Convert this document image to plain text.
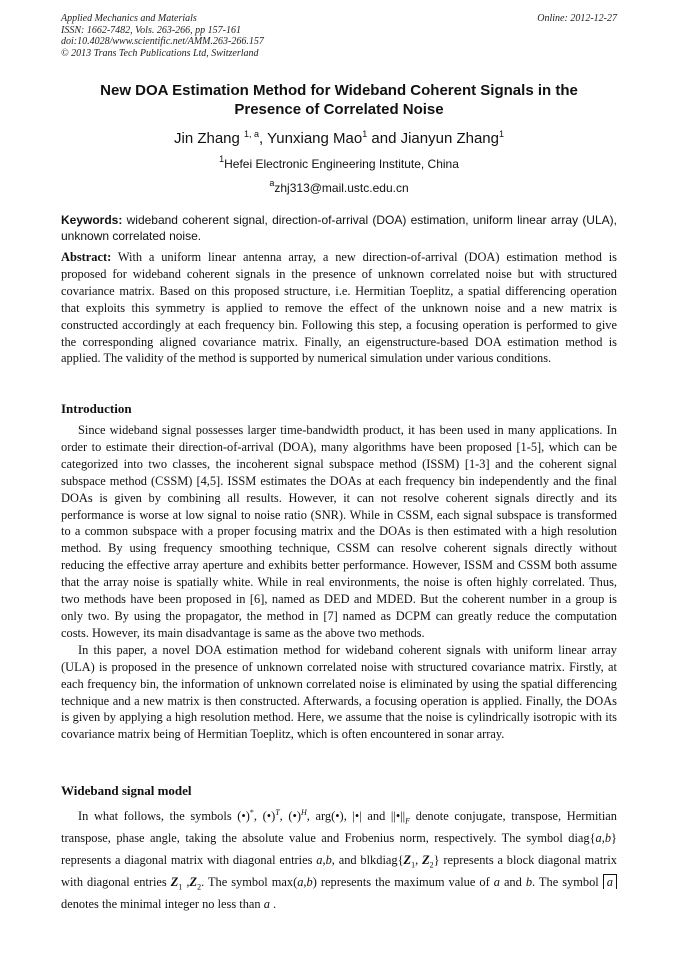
Applied Mechanics and Materials
ISSN: 1662-7482, Vols. 263-266, pp 157-161
doi:10.4028/www.scientific.net/AMM.263-266.157
© 2013 Trans Tech Publications Ltd, Switzerland
Online: 2012-12-27
New DOA Estimation Method for Wideband Coherent Signals in the
Presence of Correlated Noise
Jin Zhang $^{1, a}$, Yunxiang Mao$^1$ and Jianyun Zhang$^1$
$^1$Hefei Electronic Engineering Institute, China
$^a$zhj313@mail.ustc.edu.cn
Keywords: wideband coherent signal, direction-of-arrival (DOA) estimation, uniform linear array (ULA), unknown correlated noise.
Abstract: With a uniform linear antenna array, a new direction-of-arrival (DOA) estimation method is proposed for wideband coherent signals in the presence of unknown correlated noise but with structured covariance matrix. Based on this proposed structure, i.e. Hermitian Toeplitz, a spatial differencing operation that exploits this symmetry is applied to remove the effect of the unknown noise and a new matrix is constructed accordingly at each frequency bin. Following this step, a focusing operation is performed to give the corresponding aligned covariance matrix. Finally, an eigenstructure-based DOA estimation method is applied. The validity of the method is supported by numerical simulation under various conditions.
Introduction

Since wideband signal possesses larger time-bandwidth product, it has been used in many applications. In order to estimate their direction-of-arrival (DOA), many algorithms have been proposed [1-5], which can be categorized into two classes, the incoherent signal subspace method (ISSM) [1-3] and the coherent signal subspace method (CSSM) [4,5]. ISSM estimates the DOAs at each frequency bin independently and the final DOAs is given by combining all results. However, it can not resolve coherent signals directly and its performance is worse at low signal to noise ratio (SNR). While in CSSM, each signal subspace is transformed to a common subspace with a proper focusing matrix and the DOAs is then estimated with a high resolution method. By using frequency smoothing technique, CSSM can resolve coherent signals directly without reducing the effective array aperture and exhibits better performance. However, ISSM and CSSM both assume that the array noise is spatially white. While in real environments, the noise is often highly correlated. Thus, two methods have been proposed in [6], named as DED and MDED. But the coherent number in a group is only two. By using the propagator, the method in [7] named as DCPM can greatly reduce the computation costs. However, its main disadvantage is same as the above two methods.

In this paper, a novel DOA estimation method for wideband coherent signals with uniform linear array (ULA) is proposed in the presence of unknown correlated noise with structured covariance matrix. Firstly, at each frequency bin, the information of unknown correlated noise is eliminated by using the spatial differencing technique and a new matrix is then constructed. Afterwards, a focusing operation is applied. Finally, the DOAs is given by applying a high resolution method. Here, we assume that the noise is cylindrically isotropic with its covariance matrix being of Hermitian Toeplitz, which is often encountered in sonar array.

Wideband signal model

In what follows, the symbols (•)*, (•)$^T$, (•)$^H$, arg(•), |•| and $||•||_F$ denote conjugate, transpose, Hermitian transpose, phase angle, taking the absolute value and Frobenius norm, respectively. The symbol diag{a,b} represents a diagonal matrix with diagonal entries a,b, and $blkdiag\{Z_1$, $Z_2$} represents a block diagonal matrix with diagonal entries $Z_1$ $,Z_2$. The symbol max(a,b) represents the maximum value of a and b. The symbol a denotes the minimal integer no less than a .
